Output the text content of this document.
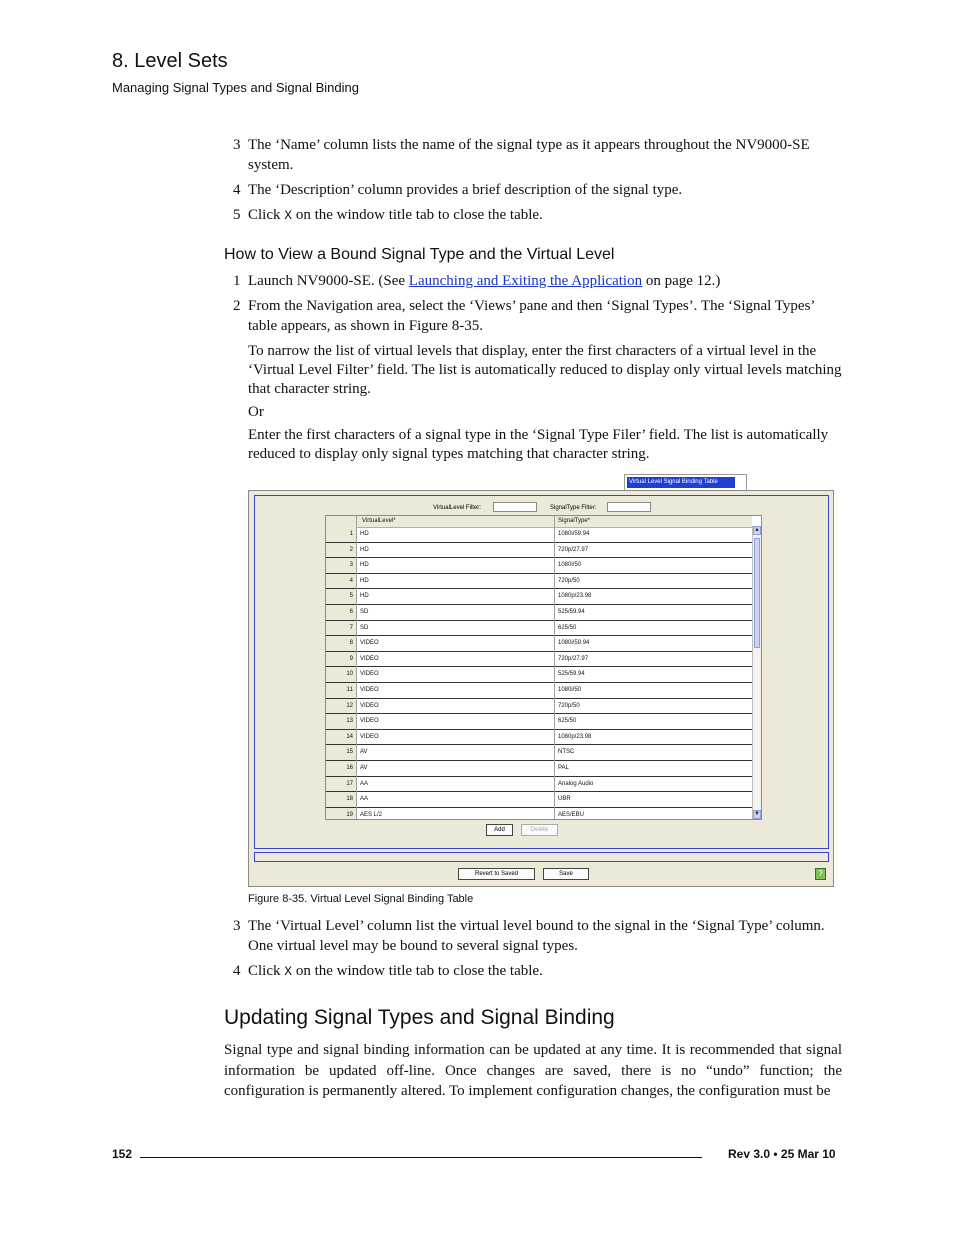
8. Level Sets
Managing Signal Types and Signal Binding
3 The ‘Name’ column lists the name of the signal type as it appears throughout the NV9000-SE system.
4 The ‘Description’ column provides a brief description of the signal type.
5 Click X on the window title tab to close the table.
How to View a Bound Signal Type and the Virtual Level
1 Launch NV9000-SE. (See Launching and Exiting the Application on page 12.)
2 From the Navigation area, select the ‘Views’ pane and then ‘Signal Types’. The ‘Signal Types’ table appears, as shown in Figure 8-35.
To narrow the list of virtual levels that display, enter the first characters of a virtual level in the ‘Virtual Level Filter’ field. The list is automatically reduced to display only virtual levels matching that character string.
Or
Enter the first characters of a signal type in the ‘Signal Type Filer’ field. The list is automatically reduced to display only signal types matching that character string.
Virtual Level Signal Binding Table
VirtualLevel Filter:	SignalType Filter:
VirtualLevel*	SignalType*
1	HD	1080i/59.94
2	HD	720p/27.97
3	HD	1080i/50
4	HD	720p/50
5	HD	1080p/23.98
6	SD	525/59.94
7	SD	625/50
8	VIDEO	1080i/59.94
9	VIDEO	720p/27.97
10	VIDEO	525/59.94
11	VIDEO	1080i/50
12	VIDEO	720p/50
13	VIDEO	625/50
14	VIDEO	1080p/23.98
15	AV	NTSC
16	AV	PAL
17	AA	Analog Audio
18	AA	UBR
19	AES L/2	AES/EBU
▲
▼
Add	Delete
Revert to Saved	Save	?
Figure 8-35. Virtual Level Signal Binding Table
3 The ‘Virtual Level’ column list the virtual level bound to the signal in the ‘Signal Type’ column. One virtual level may be bound to several signal types.
4 Click X on the window title tab to close the table.
Updating Signal Types and Signal Binding
Signal type and signal binding information can be updated at any time. It is recommended that signal information be updated off-line. Once changes are saved, there is no “undo” function; the configuration is permanently altered. To implement configuration changes, the configuration must be
152	Rev 3.0 • 25 Mar 10
